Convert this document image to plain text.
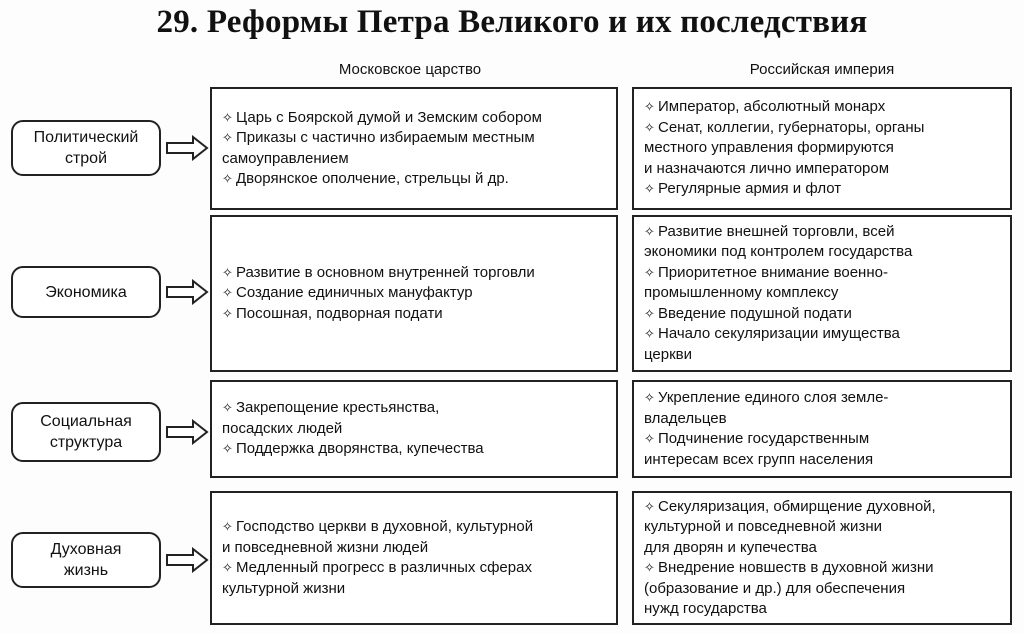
29. Реформы Петра Великого и их последствия
Московское царство	Российская империя
Политический
строй
✧ Царь с Боярской думой и Земским собором
✧ Приказы с частично избираемым местным
самоуправлением
✧ Дворянское ополчение, стрельцы й др.
✧ Император, абсолютный монарх
✧ Сенат, коллегии, губернаторы, органы
местного управления формируются
и назначаются лично императором
✧ Регулярные армия и флот
Экономика
✧ Развитие в основном внутренней торговли
✧ Создание единичных мануфактур
✧ Посошная, подворная подати
✧ Развитие внешней торговли, всей
экономики под контролем государства
✧ Приоритетное внимание военно-
промышленному комплексу
✧ Введение подушной подати
✧ Начало секуляризации имущества
церкви
Социальная
структура
✧ Закрепощение крестьянства,
посадских людей
✧ Поддержка дворянства, купечества
✧ Укрепление единого слоя земле-
владельцев
✧ Подчинение государственным
интересам всех групп населения
Духовная
жизнь
✧ Господство церкви в духовной, культурной
и повседневной жизни людей
✧ Медленный прогресс в различных сферах
культурной жизни
✧ Секуляризация, обмирщение духовной,
культурной и повседневной жизни
для дворян и купечества
✧ Внедрение новшеств в духовной жизни
(образование и др.) для обеспечения
нужд государства
